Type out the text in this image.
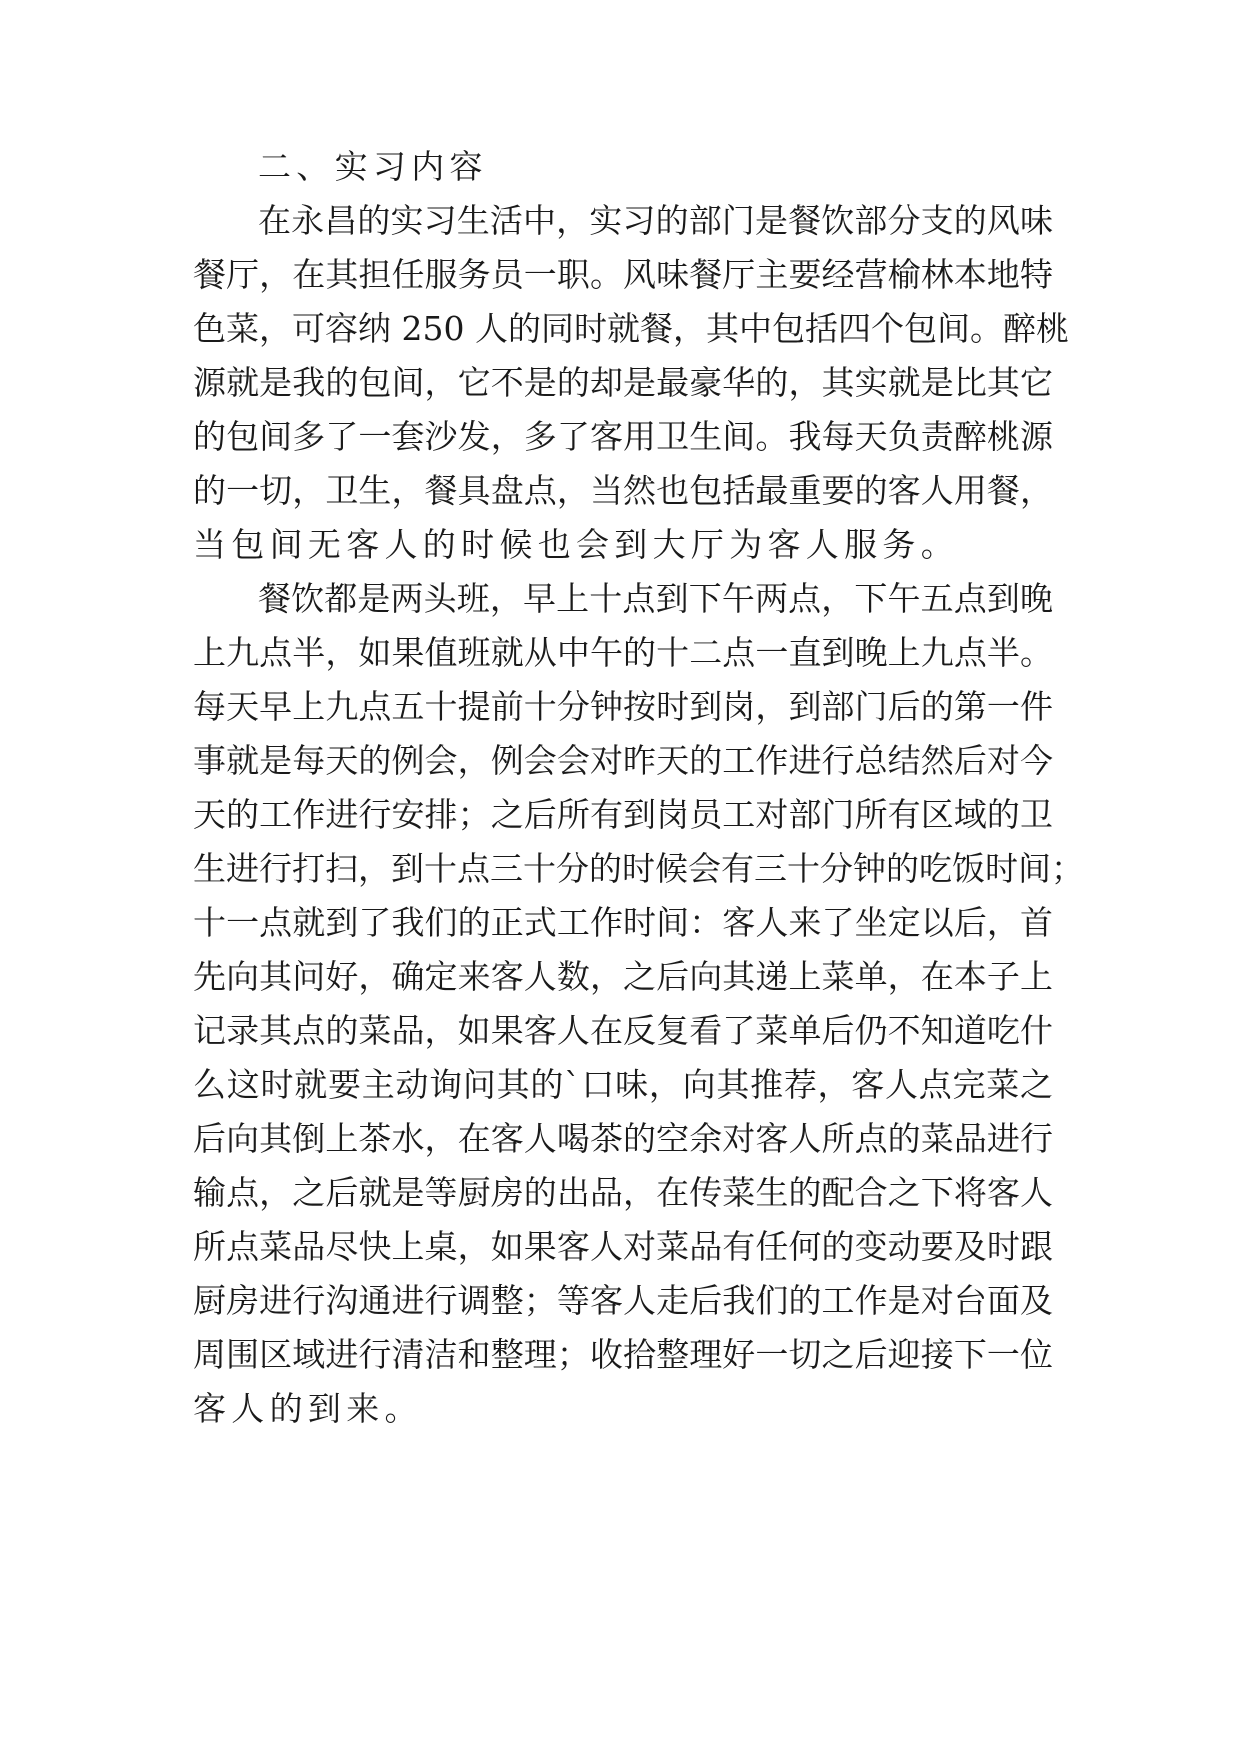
二、实习内容

在永昌的实习生活中，实习的部门是餐饮部分支的风味

餐厅，在其担任服务员一职。风味餐厅主要经营榆林本地特

色菜，可容纳 250 人的同时就餐，其中包括四个包间。醉桃

源就是我的包间，它不是的却是最豪华的，其实就是比其它

的包间多了一套沙发，多了客用卫生间。我每天负责醉桃源

的一切，卫生，餐具盘点，当然也包括最重要的客人用餐，

当包间无客人的时候也会到大厅为客人服务。

餐饮都是两头班，早上十点到下午两点，下午五点到晚

上九点半，如果值班就从中午的十二点一直到晚上九点半。

每天早上九点五十提前十分钟按时到岗，到部门后的第一件

事就是每天的例会，例会会对昨天的工作进行总结然后对今

天的工作进行安排；之后所有到岗员工对部门所有区域的卫

生进行打扫，到十点三十分的时候会有三十分钟的吃饭时间；

十一点就到了我们的正式工作时间：客人来了坐定以后，首

先向其问好，确定来客人数，之后向其递上菜单，在本子上

记录其点的菜品，如果客人在反复看了菜单后仍不知道吃什

么这时就要主动询问其的`口味，向其推荐，客人点完菜之

后向其倒上茶水，在客人喝茶的空余对客人所点的菜品进行

输点，之后就是等厨房的出品，在传菜生的配合之下将客人

所点菜品尽快上桌，如果客人对菜品有任何的变动要及时跟

厨房进行沟通进行调整；等客人走后我们的工作是对台面及

周围区域进行清洁和整理；收拾整理好一切之后迎接下一位

客人的到来。
